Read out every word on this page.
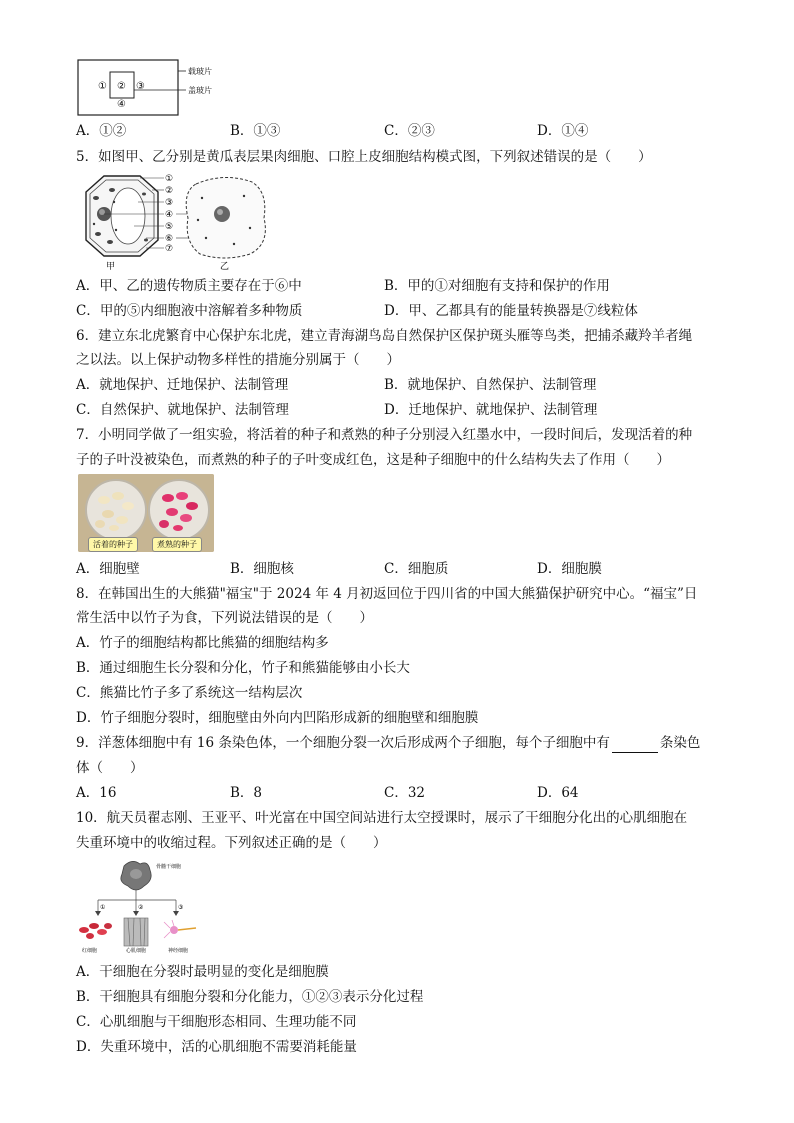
① ② ③
④
载玻片
盖玻片
A．①②	B．①③	C．②③	D．①④
5．如图甲、乙分别是黄瓜表层果肉细胞、口腔上皮细胞结构模式图，下列叙述错误的是（　　）
①
②
③
④
⑤
⑥
⑦
甲	乙
A．甲、乙的遗传物质主要存在于⑥中	B．甲的①对细胞有支持和保护的作用
C．甲的⑤内细胞液中溶解着多种物质	D．甲、乙都具有的能量转换器是⑦线粒体
6．建立东北虎繁育中心保护东北虎，建立青海湖鸟岛自然保护区保护斑头雁等鸟类，把捕杀藏羚羊者绳
之以法。以上保护动物多样性的措施分别属于（　　）
A．就地保护、迁地保护、法制管理	B．就地保护、自然保护、法制管理
C．自然保护、就地保护、法制管理	D．迁地保护、就地保护、法制管理
7．小明同学做了一组实验，将活着的种子和煮熟的种子分别浸入红墨水中，一段时间后，发现活着的种
子的子叶没被染色，而煮熟的种子的子叶变成红色，这是种子细胞中的什么结构失去了作用（　　）
活着的种子	煮熟的种子
A．细胞壁	B．细胞核	C．细胞质	D．细胞膜
8．在韩国出生的大熊猫"福宝"于 2024 年 4 月初返回位于四川省的中国大熊猫保护研究中心。“福宝”日
常生活中以竹子为食，下列说法错误的是（　　）
A．竹子的细胞结构都比熊猫的细胞结构多
B．通过细胞生长分裂和分化，竹子和熊猫能够由小长大
C．熊猫比竹子多了系统这一结构层次
D．竹子细胞分裂时，细胞壁由外向内凹陷形成新的细胞壁和细胞膜
9．洋葱体细胞中有 16 条染色体，一个细胞分裂一次后形成两个子细胞，每个子细胞中有	条染色
体（　　）
A．16	B．8	C．32	D．64
10．航天员翟志刚、王亚平、叶光富在中国空间站进行太空授课时，展示了干细胞分化出的心肌细胞在
失重环境中的收缩过程。下列叙述正确的是（　　）
骨髓干细胞
①	②	③
红细胞	心肌细胞	神经细胞
A．干细胞在分裂时最明显的变化是细胞膜
B．干细胞具有细胞分裂和分化能力，①②③表示分化过程
C．心肌细胞与干细胞形态相同、生理功能不同
D．失重环境中，活的心肌细胞不需要消耗能量
